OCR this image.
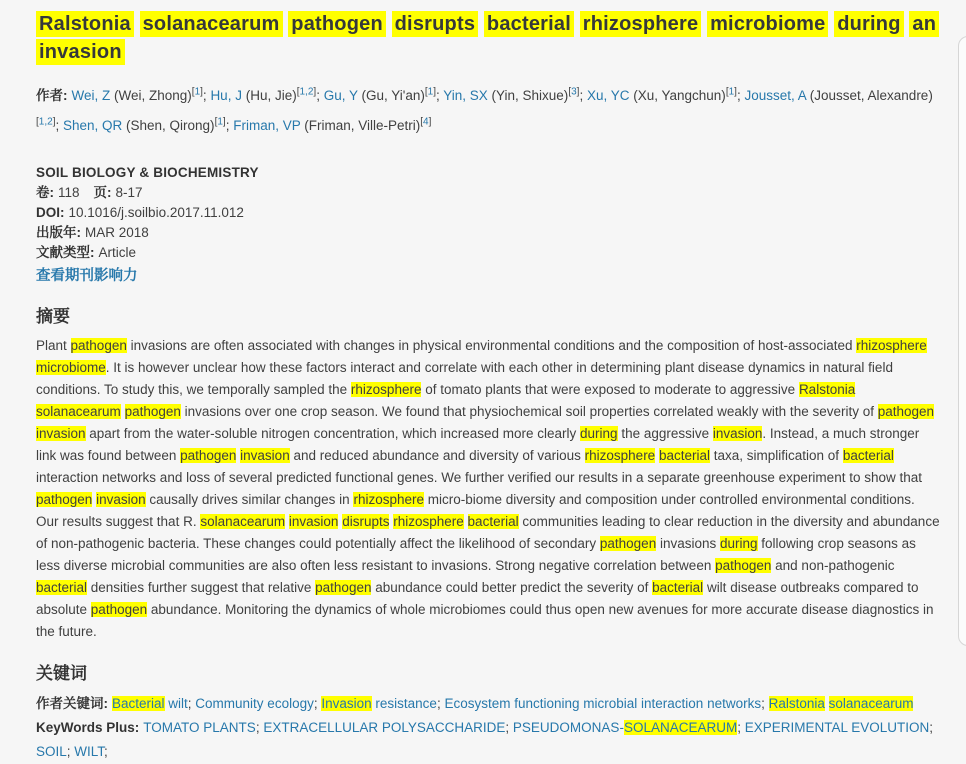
Ralstonia solanacearum pathogen disrupts bacterial rhizosphere microbiome during an invasion

作者: Wei, Z (Wei, Zhong)[1]; Hu, J (Hu, Jie)[1,2]; Gu, Y (Gu, Yi'an)[1]; Yin, SX (Yin, Shixue)[3]; Xu, YC (Xu, Yangchun)[1]; Jousset, A (Jousset, Alexandre)[1,2]; Shen, QR (Shen, Qirong)[1]; Friman, VP (Friman, Ville-Petri)[4]

SOIL BIOLOGY & BIOCHEMISTRY
卷: 118 页: 8-17
DOI: 10.1016/j.soilbio.2017.11.012
出版年: MAR 2018
文献类型: Article
查看期刊影响力
摘要

Plant pathogen invasions are often associated with changes in physical environmental conditions and the composition of host-associated rhizosphere microbiome. It is however unclear how these factors interact and correlate with each other in determining plant disease dynamics in natural field conditions. To study this, we temporally sampled the rhizosphere of tomato plants that were exposed to moderate to aggressive Ralstonia solanacearum pathogen invasions over one crop season. We found that physiochemical soil properties correlated weakly with the severity of pathogen invasion apart from the water-soluble nitrogen concentration, which increased more clearly during the aggressive invasion. Instead, a much stronger link was found between pathogen invasion and reduced abundance and diversity of various rhizosphere bacterial taxa, simplification of bacterial interaction networks and loss of several predicted functional genes. We further verified our results in a separate greenhouse experiment to show that pathogen invasion causally drives similar changes in rhizosphere micro-biome diversity and composition under controlled environmental conditions. Our results suggest that R. solanacearum invasion disrupts rhizosphere bacterial communities leading to clear reduction in the diversity and abundance of non-pathogenic bacteria. These changes could potentially affect the likelihood of secondary pathogen invasions during following crop seasons as less diverse microbial communities are also often less resistant to invasions. Strong negative correlation between pathogen and non-pathogenic bacterial densities further suggest that relative pathogen abundance could better predict the severity of bacterial wilt disease outbreaks compared to absolute pathogen abundance. Monitoring the dynamics of whole microbiomes could thus open new avenues for more accurate disease diagnostics in the future.

关键词

作者关键词: Bacterial wilt; Community ecology; Invasion resistance; Ecosystem functioning microbial interaction networks; Ralstonia solanacearum

KeyWords Plus: TOMATO PLANTS; EXTRACELLULAR POLYSACCHARIDE; PSEUDOMONAS-SOLANACEARUM; EXPERIMENTAL EVOLUTION; SOIL; WILT;
